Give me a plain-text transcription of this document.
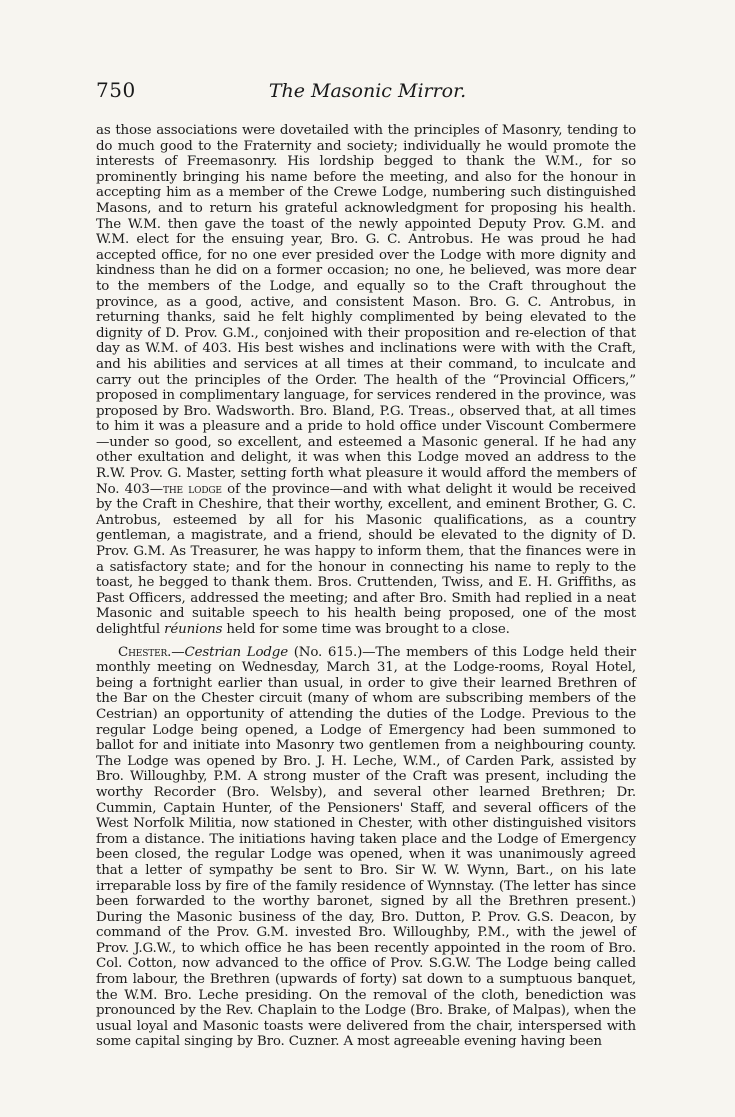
750	The Masonic Mirror.

as those associations were dovetailed with the principles of Masonry, tending to do much good to the Fraternity and society; individually he would promote the interests of Freemasonry. His lordship begged to thank the W.M., for so prominently bringing his name before the meeting, and also for the honour in accepting him as a member of the Crewe Lodge, numbering such distinguished Masons, and to return his grateful acknowledgment for proposing his health. The W.M. then gave the toast of the newly appointed Deputy Prov. G.M. and W.M. elect for the ensuing year, Bro. G. C. Antrobus. He was proud he had accepted office, for no one ever presided over the Lodge with more dignity and kindness than he did on a former occasion; no one, he believed, was more dear to the members of the Lodge, and equally so to the Craft throughout the province, as a good, active, and consistent Mason. Bro. G. C. Antrobus, in returning thanks, said he felt highly complimented by being elevated to the dignity of D. Prov. G.M., conjoined with their proposition and re-election of that day as W.M. of 403. His best wishes and inclinations were with with the Craft, and his abilities and services at all times at their command, to inculcate and carry out the principles of the Order. The health of the “Provincial Officers,” proposed in complimentary language, for services rendered in the province, was proposed by Bro. Wadsworth. Bro. Bland, P.G. Treas., observed that, at all times to him it was a pleasure and a pride to hold office under Viscount Combermere—under so good, so excellent, and esteemed a Masonic general. If he had any other exultation and delight, it was when this Lodge moved an address to the R.W. Prov. G. Master, setting forth what pleasure it would afford the members of No. 403—the lodge of the province—and with what delight it would be received by the Craft in Cheshire, that their worthy, excellent, and eminent Brother, G. C. Antrobus, esteemed by all for his Masonic qualifications, as a country gentleman, a magistrate, and a friend, should be elevated to the dignity of D. Prov. G.M. As Treasurer, he was happy to inform them, that the finances were in a satisfactory state; and for the honour in connecting his name to reply to the toast, he begged to thank them. Bros. Cruttenden, Twiss, and E. H. Griffiths, as Past Officers, addressed the meeting; and after Bro. Smith had replied in a neat Masonic and suitable speech to his health being proposed, one of the most delightful réunions held for some time was brought to a close.

Chester.—Cestrian Lodge (No. 615.)—The members of this Lodge held their monthly meeting on Wednesday, March 31, at the Lodge-rooms, Royal Hotel, being a fortnight earlier than usual, in order to give their learned Brethren of the Bar on the Chester circuit (many of whom are subscribing members of the Cestrian) an opportunity of attending the duties of the Lodge. Previous to the regular Lodge being opened, a Lodge of Emergency had been summoned to ballot for and initiate into Masonry two gentlemen from a neighbouring county. The Lodge was opened by Bro. J. H. Leche, W.M., of Carden Park, assisted by Bro. Willoughby, P.M. A strong muster of the Craft was present, including the worthy Recorder (Bro. Welsby), and several other learned Brethren; Dr. Cummin, Captain Hunter, of the Pensioners' Staff, and several officers of the West Norfolk Militia, now stationed in Chester, with other distinguished visitors from a distance. The initiations having taken place and the Lodge of Emergency been closed, the regular Lodge was opened, when it was unanimously agreed that a letter of sympathy be sent to Bro. Sir W. W. Wynn, Bart., on his late irreparable loss by fire of the family residence of Wynnstay. (The letter has since been forwarded to the worthy baronet, signed by all the Brethren present.) During the Masonic business of the day, Bro. Dutton, P. Prov. G.S. Deacon, by command of the Prov. G.M. invested Bro. Willoughby, P.M., with the jewel of Prov. J.G.W., to which office he has been recently appointed in the room of Bro. Col. Cotton, now advanced to the office of Prov. S.G.W. The Lodge being called from labour, the Brethren (upwards of forty) sat down to a sumptuous banquet, the W.M. Bro. Leche presiding. On the removal of the cloth, benediction was pronounced by the Rev. Chaplain to the Lodge (Bro. Brake, of Malpas), when the usual loyal and Masonic toasts were delivered from the chair, interspersed with some capital singing by Bro. Cuzner. A most agreeable evening having been
